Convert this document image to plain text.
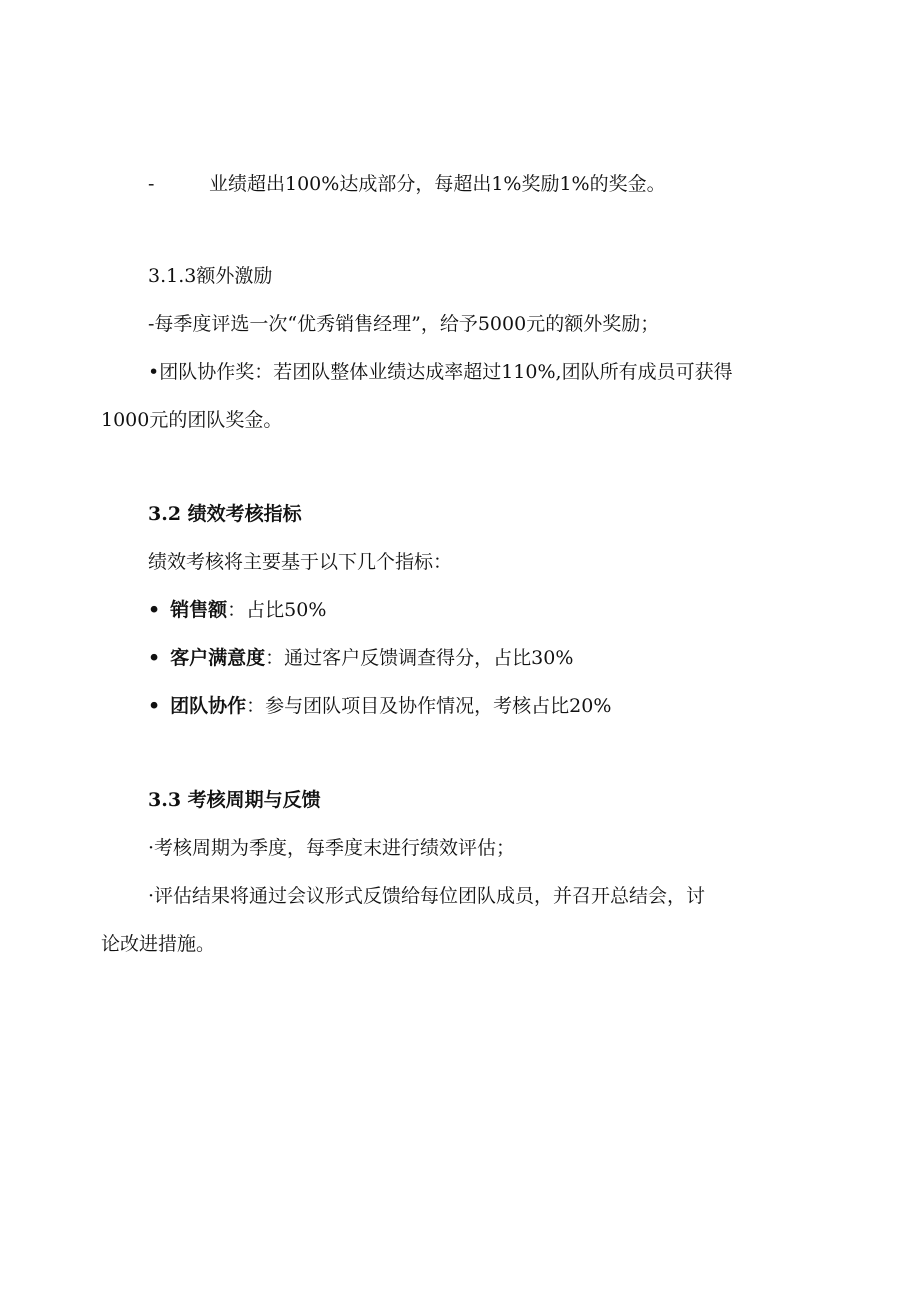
-	业绩超出100%达成部分，每超出1%奖励1%的奖金。
3.1.3额外激励
-每季度评选一次“优秀销售经理”，给予5000元的额外奖励；
•团队协作奖：若团队整体业绩达成率超过110%,团队所有成员可获得
1000元的团队奖金。
3.2 绩效考核指标
绩效考核将主要基于以下几个指标：
• 销售额：占比50%
• 客户满意度：通过客户反馈调查得分，占比30%
• 团队协作：参与团队项目及协作情况，考核占比20%
3.3 考核周期与反馈
·考核周期为季度，每季度末进行绩效评估；
·评估结果将通过会议形式反馈给每位团队成员，并召开总结会，讨
论改进措施。
